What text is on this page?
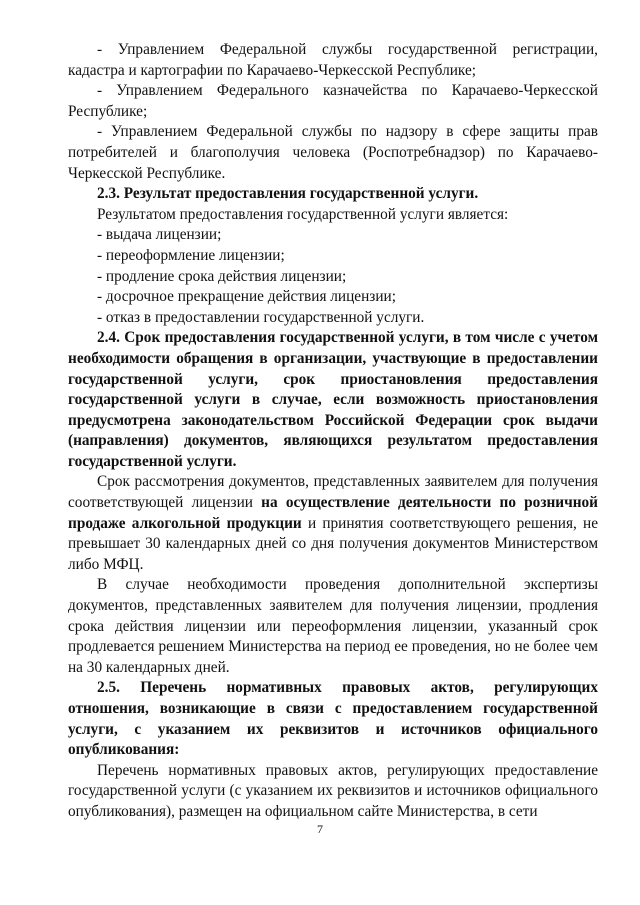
- Управлением Федеральной службы государственной регистрации, кадастра и картографии по Карачаево-Черкесской Республике;

- Управлением Федерального казначейства по Карачаево-Черкесской Республике;

- Управлением Федеральной службы по надзору в сфере защиты прав потребителей и благополучия человека (Роспотребнадзор) по Карачаево-Черкесской Республике.

2.3. Результат предоставления государственной услуги.

Результатом предоставления государственной услуги является:

- выдача лицензии;

- переоформление лицензии;

- продление срока действия лицензии;

- досрочное прекращение действия лицензии;

- отказ в предоставлении государственной услуги.

2.4. Срок предоставления государственной услуги, в том числе с учетом необходимости обращения в организации, участвующие в предоставлении государственной услуги, срок приостановления предоставления государственной услуги в случае, если возможность приостановления предусмотрена законодательством Российской Федерации срок выдачи (направления) документов, являющихся результатом предоставления государственной услуги.

Срок рассмотрения документов, представленных заявителем для получения соответствующей лицензии на осуществление деятельности по розничной продаже алкогольной продукции и принятия соответствующего решения, не превышает 30 календарных дней со дня получения документов Министерством либо МФЦ.

В случае необходимости проведения дополнительной экспертизы документов, представленных заявителем для получения лицензии, продления срока действия лицензии или переоформления лицензии, указанный срок продлевается решением Министерства на период ее проведения, но не более чем на 30 календарных дней.

2.5. Перечень нормативных правовых актов, регулирующих отношения, возникающие в связи с предоставлением государственной услуги, с указанием их реквизитов и источников официального опубликования:

Перечень нормативных правовых актов, регулирующих предоставление государственной услуги (с указанием их реквизитов и источников официального опубликования), размещен на официальном сайте Министерства, в сети

7
